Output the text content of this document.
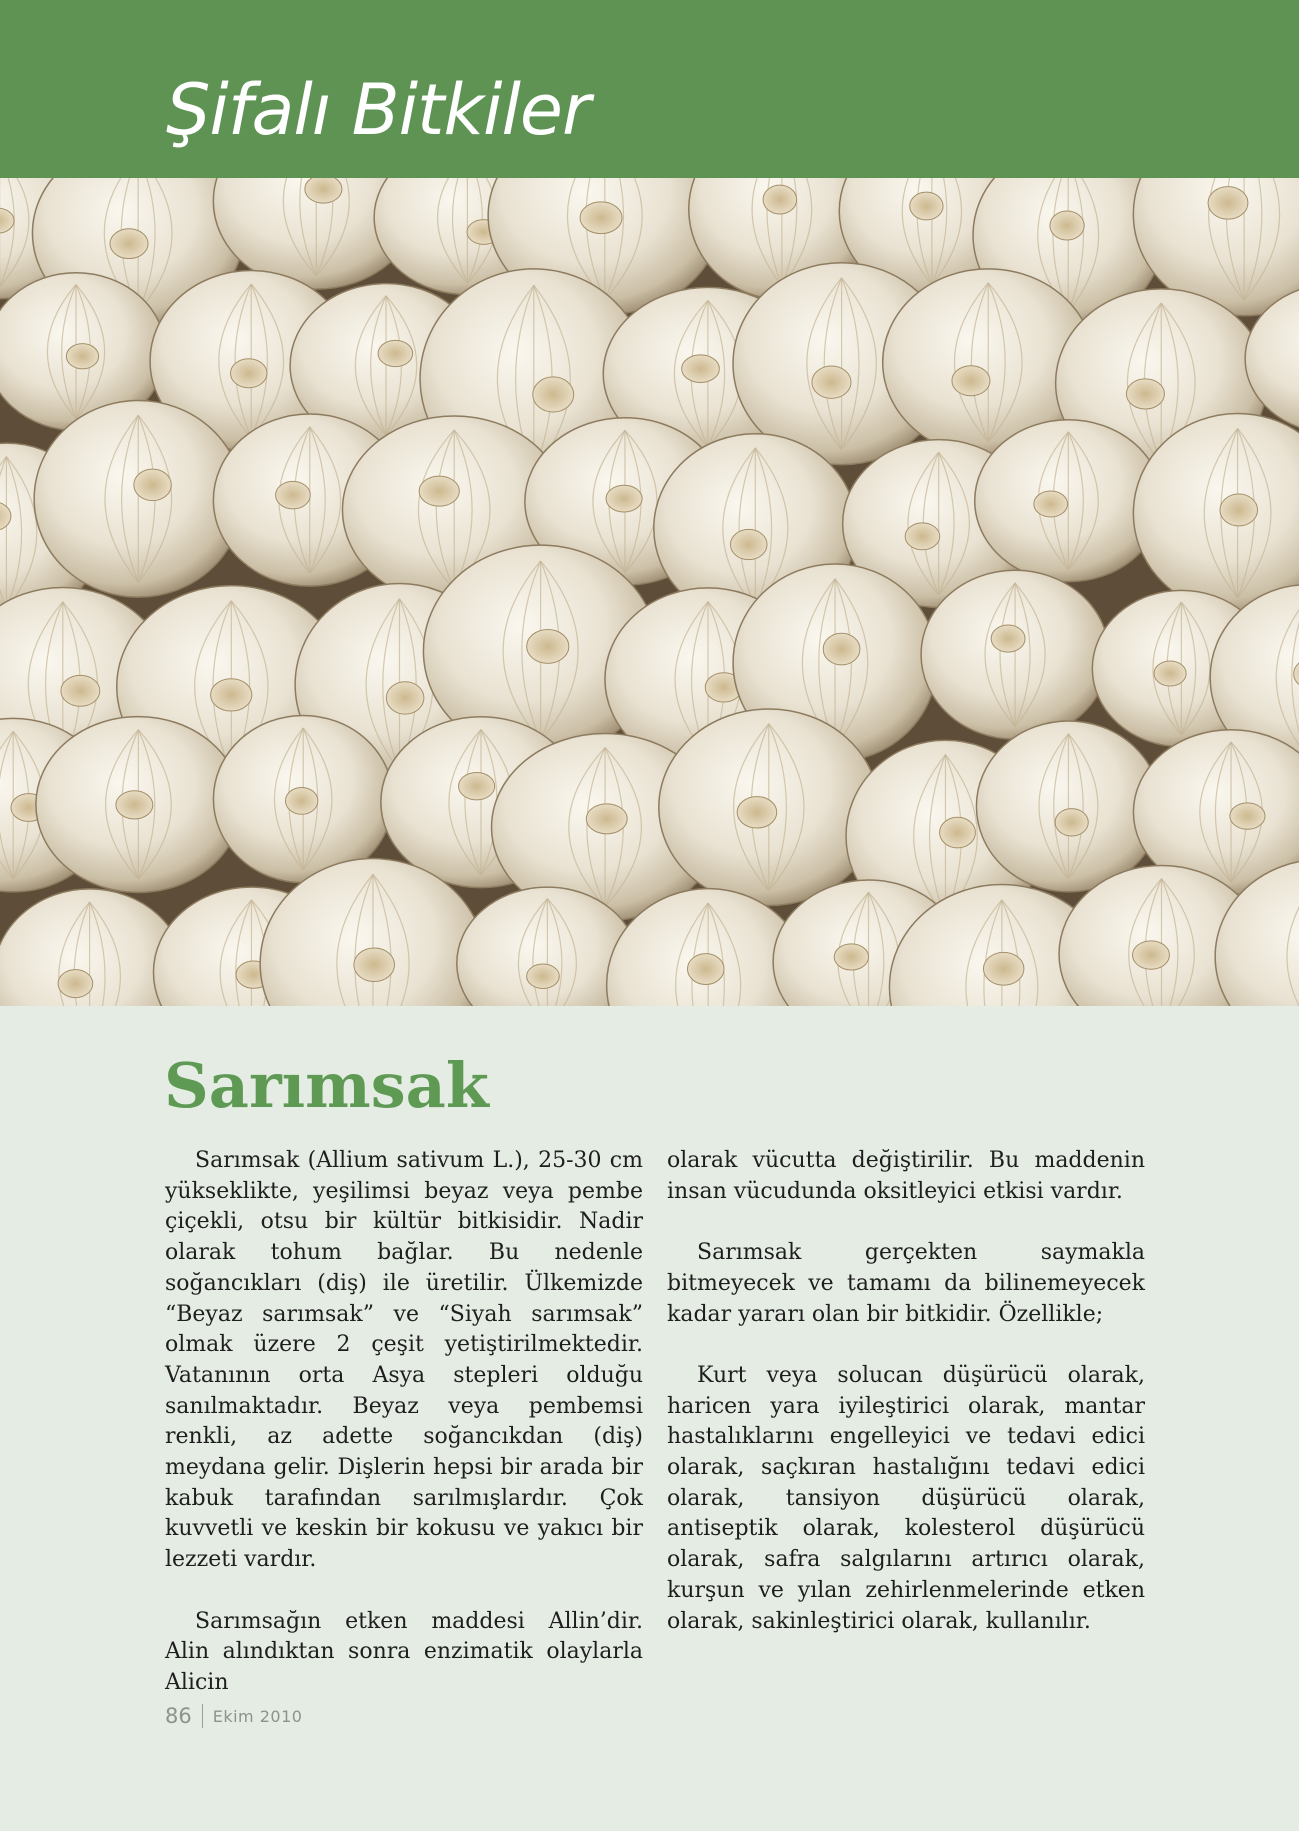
Şifalı Bitkiler
Sarımsak

Sarımsak (Allium sativum L.), 25-30 cm yükseklikte, yeşilimsi beyaz veya pembe çiçekli, otsu bir kültür bitkisidir. Nadir olarak tohum bağlar. Bu nedenle soğancıkları (diş) ile üretilir. Ülkemizde “Beyaz sarımsak” ve “Siyah sarımsak” olmak üzere 2 çeşit yetiştirilmektedir. Vatanının orta Asya stepleri olduğu sanılmaktadır. Beyaz veya pembemsi renkli, az adette soğancıkdan (diş) meydana gelir. Dişlerin hepsi bir arada bir kabuk tarafından sarılmışlardır. Çok kuvvetli ve keskin bir kokusu ve yakıcı bir lezzeti vardır.

Sarımsağın etken maddesi Allin’dir. Alin alındıktan sonra enzimatik olaylarla Alicin

olarak vücutta değiştirilir. Bu maddenin insan vücudunda oksitleyici etkisi vardır.

Sarımsak gerçekten saymakla bitmeyecek ve tamamı da bilinemeyecek kadar yararı olan bir bitkidir. Özellikle;

Kurt veya solucan düşürücü olarak, haricen yara iyileştirici olarak, mantar hastalıklarını engelleyici ve tedavi edici olarak, saçkıran hastalığını tedavi edici olarak, tansiyon düşürücü olarak, antiseptik olarak, kolesterol düşürücü olarak, safra salgılarını artırıcı olarak, kurşun ve yılan zehirlenmelerinde etken olarak, sakinleştirici olarak, kullanılır.

86 Ekim 2010
